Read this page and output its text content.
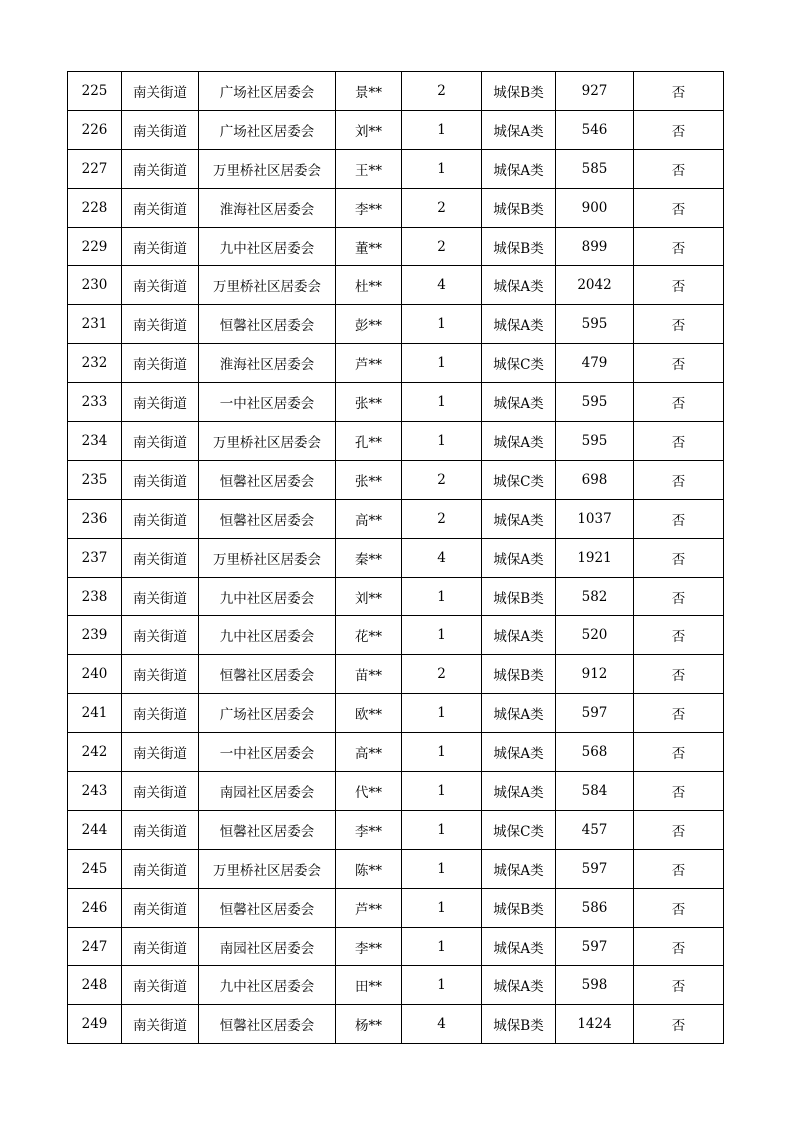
225	南关街道	广场社区居委会	景**	2	城保B类	927	否
226	南关街道	广场社区居委会	刘**	1	城保A类	546	否
227	南关街道	万里桥社区居委会	王**	1	城保A类	585	否
228	南关街道	淮海社区居委会	李**	2	城保B类	900	否
229	南关街道	九中社区居委会	董**	2	城保B类	899	否
230	南关街道	万里桥社区居委会	杜**	4	城保A类	2042	否
231	南关街道	恒馨社区居委会	彭**	1	城保A类	595	否
232	南关街道	淮海社区居委会	芦**	1	城保C类	479	否
233	南关街道	一中社区居委会	张**	1	城保A类	595	否
234	南关街道	万里桥社区居委会	孔**	1	城保A类	595	否
235	南关街道	恒馨社区居委会	张**	2	城保C类	698	否
236	南关街道	恒馨社区居委会	高**	2	城保A类	1037	否
237	南关街道	万里桥社区居委会	秦**	4	城保A类	1921	否
238	南关街道	九中社区居委会	刘**	1	城保B类	582	否
239	南关街道	九中社区居委会	花**	1	城保A类	520	否
240	南关街道	恒馨社区居委会	苗**	2	城保B类	912	否
241	南关街道	广场社区居委会	欧**	1	城保A类	597	否
242	南关街道	一中社区居委会	高**	1	城保A类	568	否
243	南关街道	南园社区居委会	代**	1	城保A类	584	否
244	南关街道	恒馨社区居委会	李**	1	城保C类	457	否
245	南关街道	万里桥社区居委会	陈**	1	城保A类	597	否
246	南关街道	恒馨社区居委会	芦**	1	城保B类	586	否
247	南关街道	南园社区居委会	李**	1	城保A类	597	否
248	南关街道	九中社区居委会	田**	1	城保A类	598	否
249	南关街道	恒馨社区居委会	杨**	4	城保B类	1424	否
